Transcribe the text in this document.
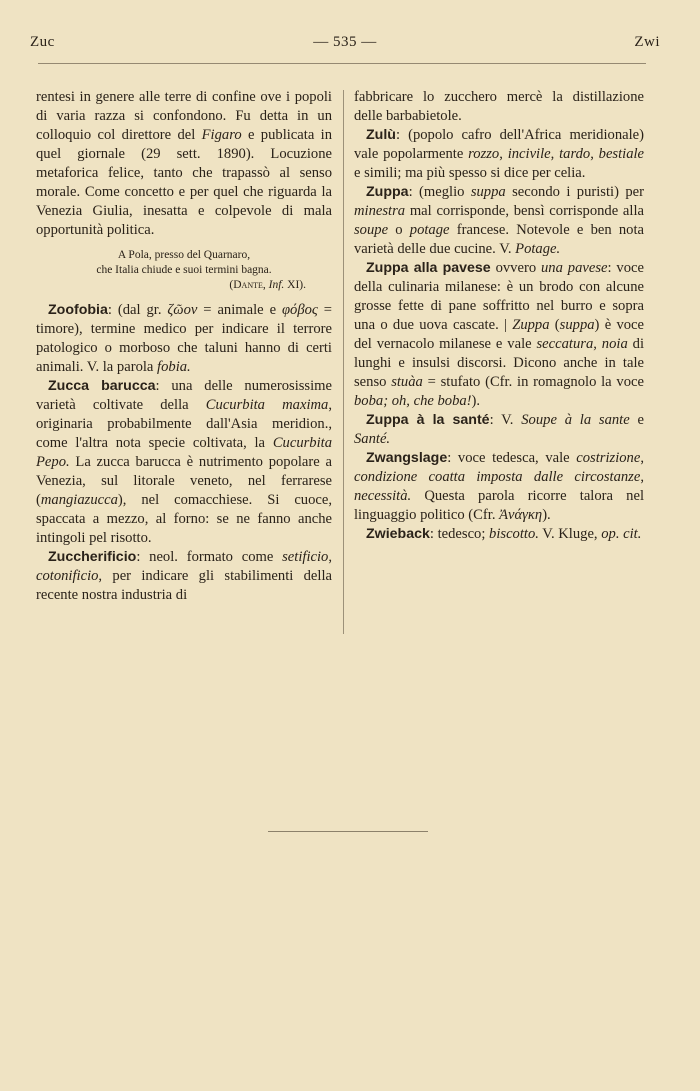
Zuc	— 535 —	Zwi

rentesi in genere alle terre di confine ove i popoli di varia razza si confondono. Fu detta in un colloquio col direttore del Figaro e publicata in quel giornale (29 sett. 1890). Locuzione metaforica felice, tanto che trapassò al senso morale. Come concetto e per quel che riguarda la Venezia Giulia, inesatta e colpevole di mala opportunità politica.

A Pola, presso del Quarnaro,
che Italia chiude e suoi termini bagna.
(Dante, Inf. XI).

Zoofobia: (dal gr. ζῶον = animale e φόβος = timore), termine medico per indicare il terrore patologico o morboso che taluni hanno di certi animali. V. la parola fobia.

Zucca barucca: una delle numerosissime varietà coltivate della Cucurbita maxima, originaria probabilmente dall'Asia meridion., come l'altra nota specie coltivata, la Cucurbita Pepo. La zucca barucca è nutrimento popolare a Venezia, sul litorale veneto, nel ferrarese (mangiazucca), nel comacchiese. Si cuoce, spaccata a mezzo, al forno: se ne fanno anche intingoli pel risotto.

Zuccherificio: neol. formato come setificio, cotonificio, per indicare gli stabilimenti della recente nostra industria di

fabbricare lo zucchero mercè la distillazione delle barbabietole.

Zulù: (popolo cafro dell'Africa meridionale) vale popolarmente rozzo, incivile, tardo, bestiale e simili; ma più spesso si dice per celia.

Zuppa: (meglio suppa secondo i puristi) per minestra mal corrisponde, bensì corrisponde alla soupe o potage francese. Notevole e ben nota varietà delle due cucine. V. Potage.

Zuppa alla pavese ovvero una pavese: voce della culinaria milanese: è un brodo con alcune grosse fette di pane soffritto nel burro e sopra una o due uova cascate. | Zuppa (suppa) è voce del vernacolo milanese e vale seccatura, noia di lunghi e insulsi discorsi. Dicono anche in tale senso stuàa = stufato (Cfr. in romagnolo la voce boba; oh, che boba!).

Zuppa à la santé: V. Soupe à la sante e Santé.

Zwangslage: voce tedesca, vale costrizione, condizione coatta imposta dalle circostanze, necessità. Questa parola ricorre talora nel linguaggio politico (Cfr. Ἀνάγκη).

Zwieback: tedesco; biscotto. V. Kluge, op. cit.
